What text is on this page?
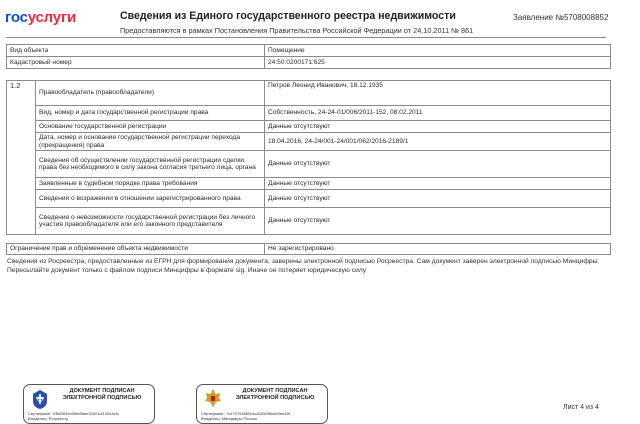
госуслуги	Сведения из Единого государственного реестра недвижимости	Заявление №5708008852
Предоставляются в рамках Постановления Правительства Российской Федерации от 24.10.2011 № 861
Вид объекта	Помещение
Кадастровый номер	24:50:0200171:625
1.2	Правообладатель (правообладатели)	Петров Леонид Иванович, 18.12.1935
	Вид, номер и дата государственной регистрации права	Собственность, 24-24-01/006/2011-152, 08.02.2011
	Основание государственной регистрации	Данные отсутствуют
	Дата, номер и основание государственной регистрации перехода (прекращения) права	18.04.2016, 24-24/001-24/001/062/2016-2189/1
	Сведения об осуществлении государственной регистрации сделки, права без необходимого в силу закона согласия третьего лица, органа	Данные отсутствуют
	Заявленные в судебном порядке права требования	Данные отсутствуют
	Сведения о возражении в отношении зарегистрированного права	Данные отсутствуют
	Сведения о невозможности государственной регистрации без личного участия правообладателя или его законного представителя	Данные отсутствуют
Ограничение прав и обременение объекта недвижимости	Не зарегистрировано
Сведения из Росреестра, предоставленные из ЕГРН для формирования документа, заверены электронной подписью Росреестра. Сам документ заверен электронной подписью Минцифры. Пересылайте документ только с файлом подписи Минцифры в формате sig. Иначе он потеряет юридическую силу
ДОКУМЕНТ ПОДПИСАН ЭЛЕКТРОННОЙ ПОДПИСЬЮ
Сертификат: 93bf3834c6f0e88ae34901cf13444cfc
Владелец: Росреестр
ДОКУМЕНТ ПОДПИСАН ЭЛЕКТРОННОЙ ПОДПИСЬЮ
Сертификат: 7c47375368f1dcd320f0b6af40e645f
Владелец: Минцифры России
Лист 4 из 4
